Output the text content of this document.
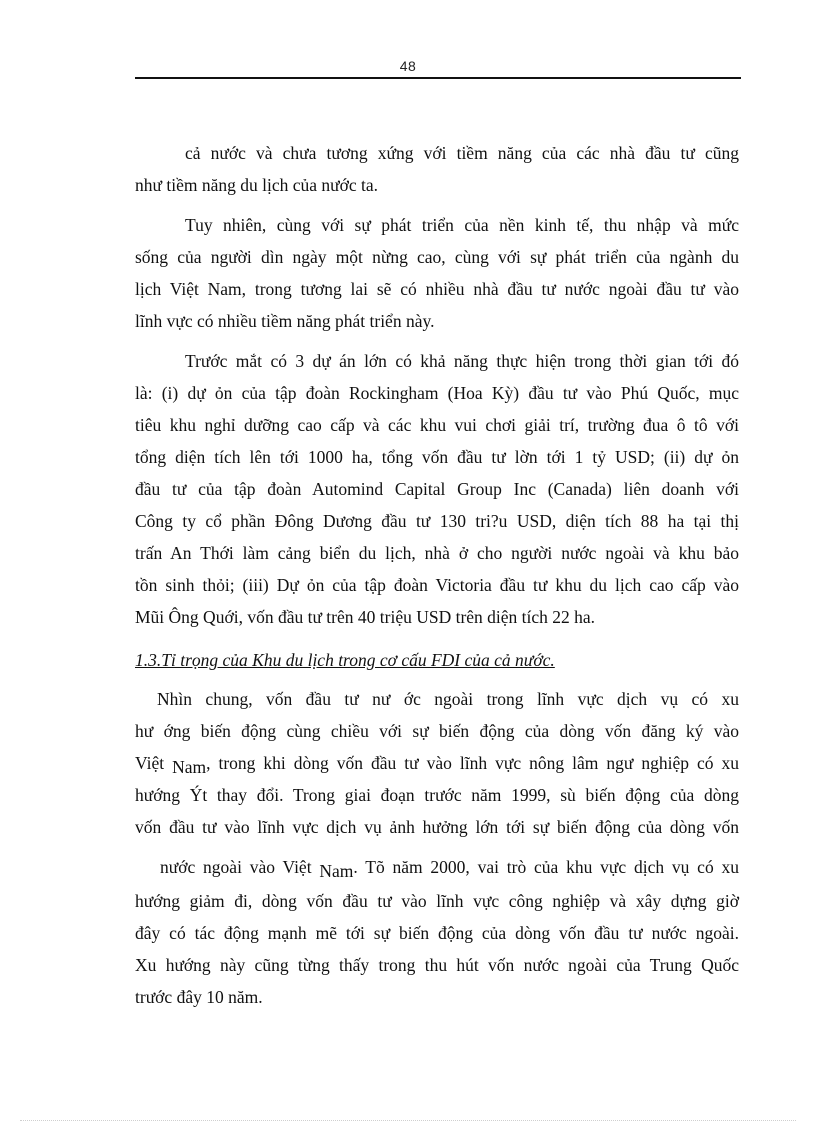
48
cả nước và chưa tương xứng với tiềm năng của các nhà đầu tư cũng
như tiềm năng du lịch của nước ta.
Tuy nhiên, cùng với sự phát triển của nền kinh tế, thu nhập và mức
sống của người dìn ngày một nừng cao, cùng với sự phát triển của ngành du
lịch Việt Nam, trong tương lai sẽ có nhiều nhà đầu tư nước ngoài đầu tư vào
lĩnh vực có nhiều tiềm năng phát triển này.
Trước mắt có 3 dự án lớn có khả năng thực hiện trong thời gian tới đó
là: (i) dự ỏn của tập đoàn Rockingham (Hoa Kỳ) đầu tư vào Phú Quốc, mục
tiêu khu nghỉ dưỡng cao cấp và các khu vui chơi giải trí, trường đua ô tô với
tổng diện tích lên tới 1000 ha, tổng vốn đầu tư lờn tới 1 tỷ USD; (ii) dự ỏn
đầu tư của tập đoàn Automind Capital Group Inc (Canada) liên doanh với
Công ty cổ phần Đông Dương đầu tư 130 tri?u USD, diện tích 88 ha tại thị
trấn An Thới làm cảng biển du lịch, nhà ở cho người nước ngoài và khu bảo
tồn sinh thỏi; (iii) Dự ỏn của tập đoàn Victoria đầu tư khu du lịch cao cấp vào
Mũi Ông Quới, vốn đầu tư trên 40 triệu USD trên diện tích 22 ha.
1.3.Tỉ trọng của Khu du lịch trong cơ cấu FDI của cả nước.
Nhìn chung, vốn đầu tư nư ớc ngoài trong lĩnh vực dịch vụ có xu
hư ớng biến động cùng chiều với sự biến động của dòng vốn đăng ký vào
Việt Nam, trong khi dòng vốn đầu tư vào lĩnh vực nông lâm ngư nghiệp có xu
hướng Ýt thay đổi. Trong giai đoạn trước năm 1999, sù biến động của dòng
vốn đầu tư vào lĩnh vực dịch vụ ảnh hưởng lớn tới sự biến động của dòng vốn
nước ngoài vào Việt Nam. Tõ năm 2000, vai trò của khu vực dịch vụ có xu
hướng giảm đi, dòng vốn đầu tư vào lĩnh vực công nghiệp và xây dựng giờ
đây có tác động mạnh mẽ tới sự biến động của dòng vốn đầu tư nước ngoài.
Xu hướng này cũng từng thấy trong thu hút vốn nước ngoài của Trung Quốc
trước đây 10 năm.
